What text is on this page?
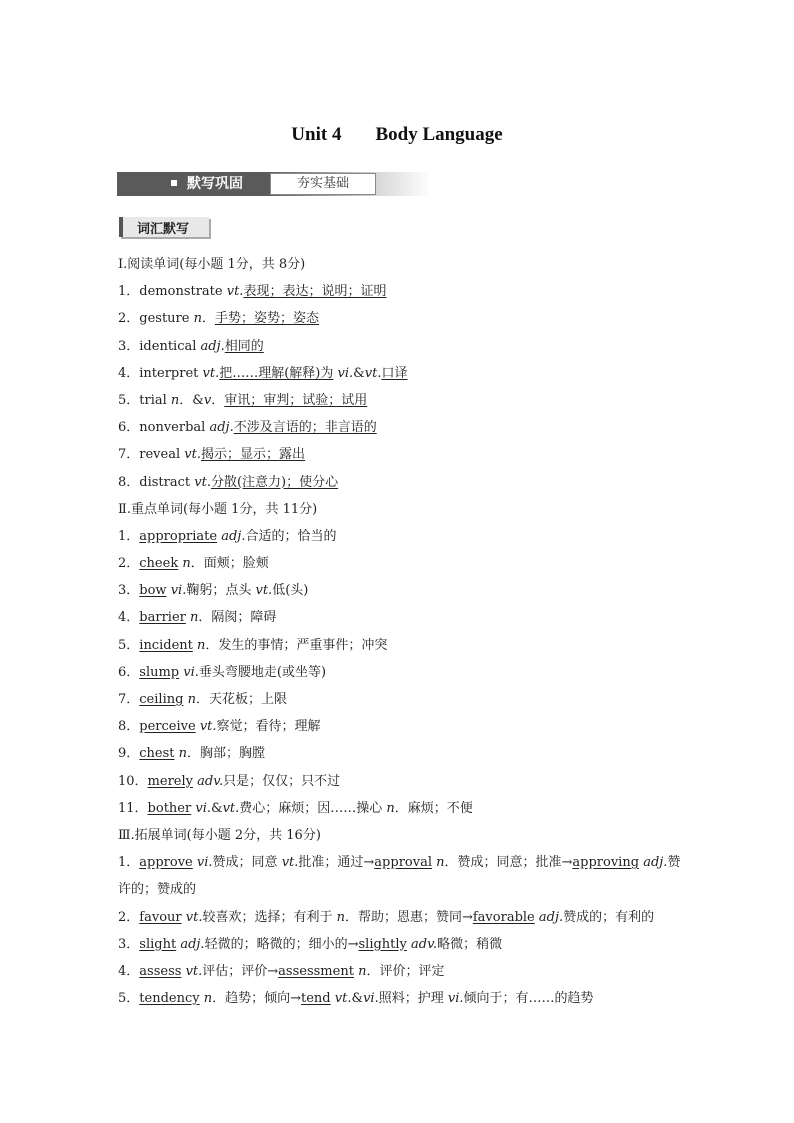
Unit 4 Body Language
默写巩固	夯实基础
词汇默写
Ⅰ.阅读单词(每小题 1分，共 8分)
1．demonstrate vt.表现；表达；说明；证明
2．gesture n．手势；姿势；姿态
3．identical adj.相同的
4．interpret vt.把……理解(解释)为 vi.&vt.口译
5．trial n．&v．审讯；审判；试验；试用
6．nonverbal adj.不涉及言语的；非言语的
7．reveal vt.揭示；显示；露出
8．distract vt.分散(注意力)；使分心
Ⅱ.重点单词(每小题 1分，共 11分)
1．appropriate adj.合适的；恰当的
2．cheek n．面颊；脸颊
3．bow vi.鞠躬；点头 vt.低(头)
4．barrier n．隔阂；障碍
5．incident n．发生的事情；严重事件；冲突
6．slump vi.垂头弯腰地走(或坐等)
7．ceiling n．天花板；上限
8．perceive vt.察觉；看待；理解
9．chest n．胸部；胸膛
10．merely adv.只是；仅仅；只不过
11．bother vi.&vt.费心；麻烦；因……操心 n．麻烦；不便
Ⅲ.拓展单词(每小题 2分，共 16分)
1．approve vi.赞成；同意 vt.批准；通过→approval n．赞成；同意；批准→approving adj.赞
许的；赞成的
2．favour vt.较喜欢；选择；有利于 n．帮助；恩惠；赞同→favorable adj.赞成的；有利的
3．slight adj.轻微的；略微的；细小的→slightly adv.略微；稍微
4．assess vt.评估；评价→assessment n．评价；评定
5．tendency n．趋势；倾向→tend vt.&vi.照料；护理 vi.倾向于；有……的趋势
